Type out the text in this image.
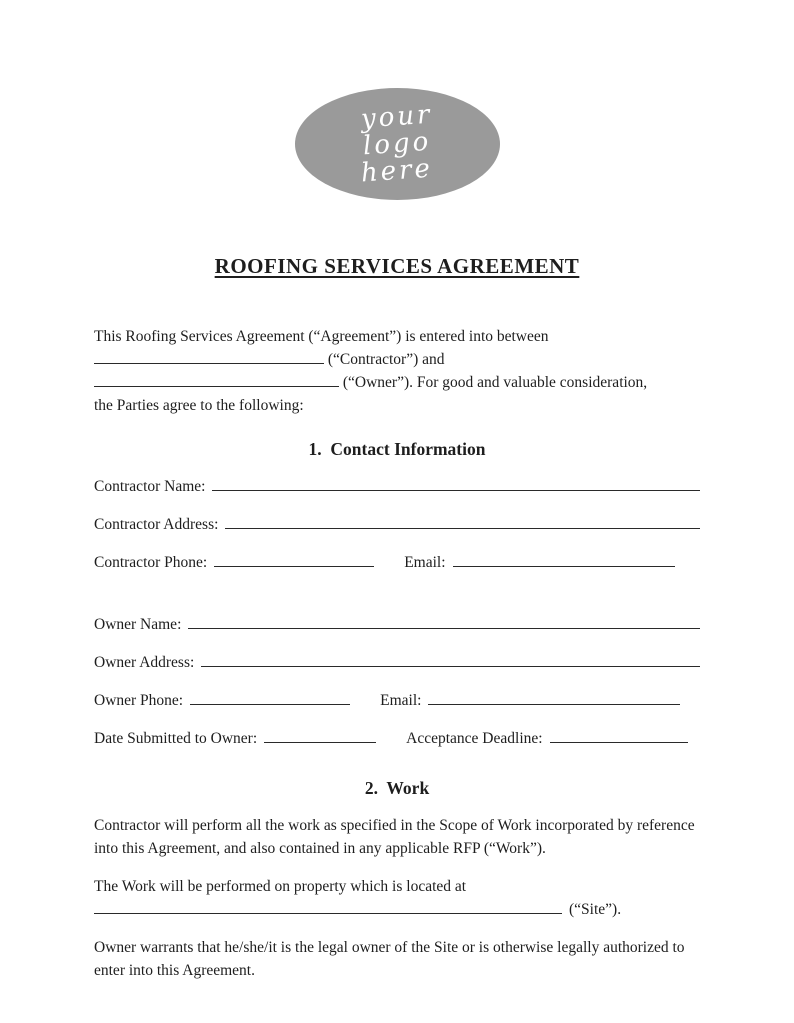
your
logo
here
ROOFING SERVICES AGREEMENT
This Roofing Services Agreement (“Agreement”) is entered into between
(“Contractor”) and
(“Owner”). For good and valuable consideration,
the Parties agree to the following:
1.  Contact Information
Contractor Name:
Contractor Address:
Contractor Phone:	Email:
Owner Name:
Owner Address:
Owner Phone:	Email:
Date Submitted to Owner:	Acceptance Deadline:
2.  Work
Contractor will perform all the work as specified in the Scope of Work incorporated by reference into this Agreement, and also contained in any applicable RFP (“Work”).
The Work will be performed on property which is located at
(“Site”).
Owner warrants that he/she/it is the legal owner of the Site or is otherwise legally authorized to enter into this Agreement.
